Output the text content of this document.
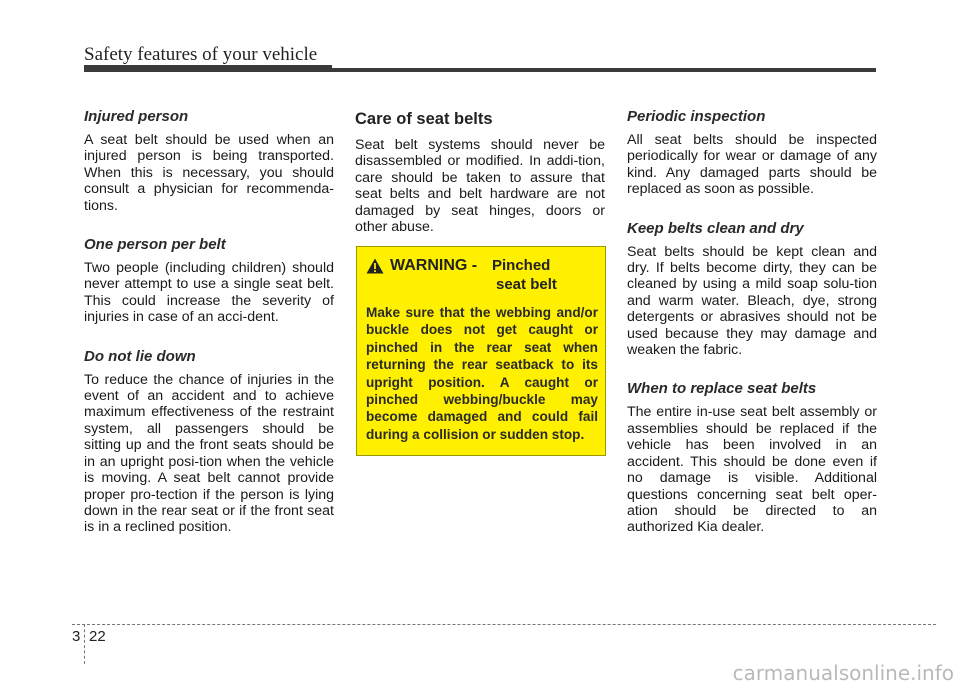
Safety features of your vehicle

Injured person

A seat belt should be used when an injured person is being transported. When this is necessary, you should consult a physician for recommenda-tions.

One person per belt

Two people (including children) should never attempt to use a single seat belt. This could increase the severity of injuries in case of an acci-dent.

Do not lie down

To reduce the chance of injuries in the event of an accident and to achieve maximum effectiveness of the restraint system, all passengers should be sitting up and the front seats should be in an upright posi-tion when the vehicle is moving. A seat belt cannot provide proper pro-tection if the person is lying down in the rear seat or if the front seat is in a reclined position.

Care of seat belts

Seat belt systems should never be disassembled or modified. In addi-tion, care should be taken to assure that seat belts and belt hardware are not damaged by seat hinges, doors or other abuse.

WARNING - Pinched
seat belt

Make sure that the webbing and/or buckle does not get caught or pinched in the rear seat when returning the rear seatback to its upright position. A caught or pinched webbing/buckle may become damaged and could fail during a collision or sudden stop.

Periodic inspection

All seat belts should be inspected periodically for wear or damage of any kind. Any damaged parts should be replaced as soon as possible.

Keep belts clean and dry

Seat belts should be kept clean and dry. If belts become dirty, they can be cleaned by using a mild soap solu-tion and warm water. Bleach, dye, strong detergents or abrasives should not be used because they may damage and weaken the fabric.

When to replace seat belts

The entire in-use seat belt assembly or assemblies should be replaced if the vehicle has been involved in an accident. This should be done even if no damage is visible. Additional questions concerning seat belt oper-ation should be directed to an authorized Kia dealer.

3 22
carmanualsonline.info
